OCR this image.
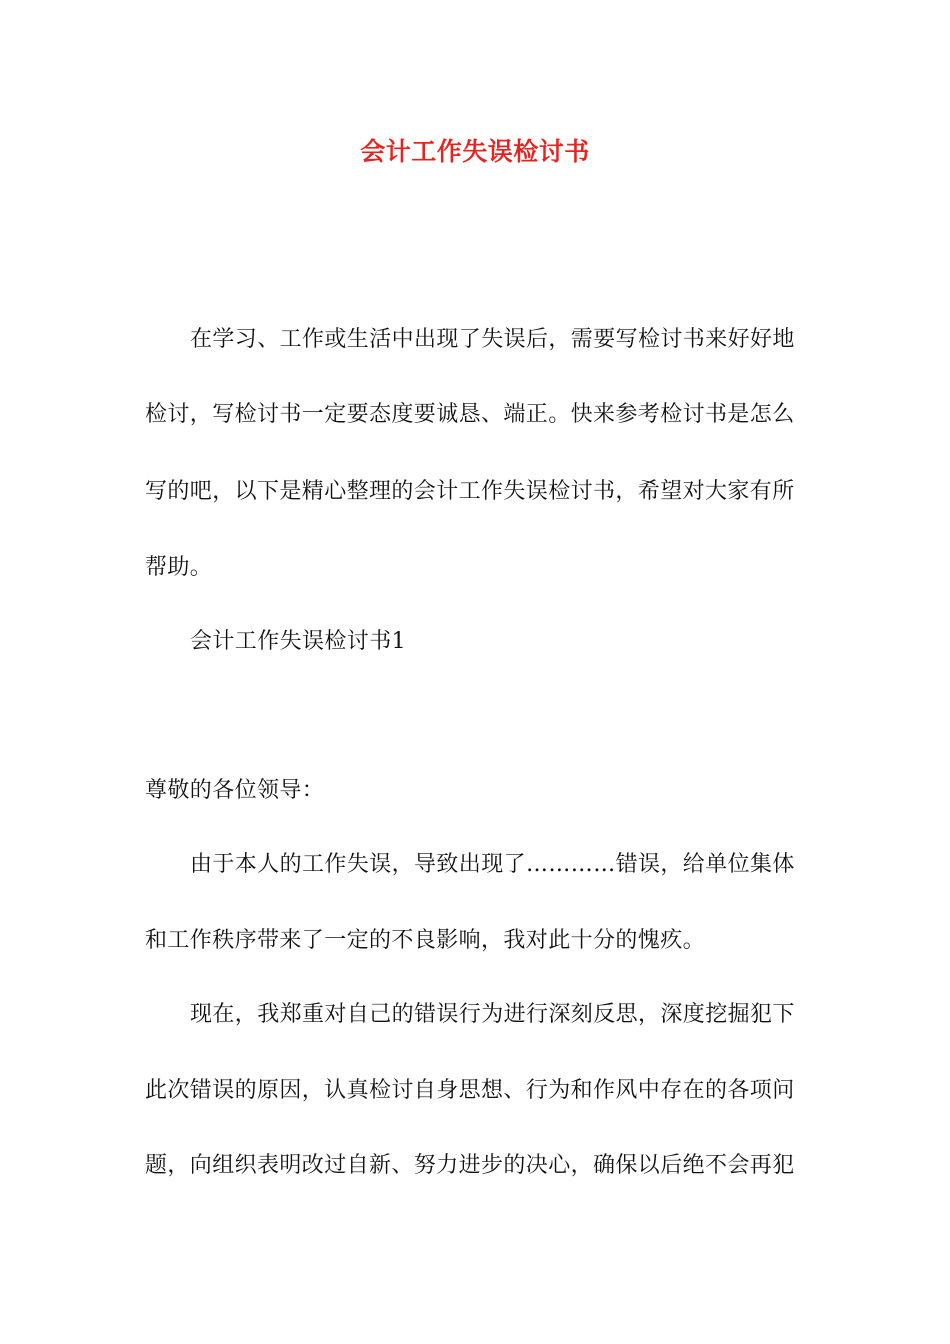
会计工作失误检讨书
在学习、工作或生活中出现了失误后，需要写检讨书来好好地
检讨，写检讨书一定要态度要诚恳、端正。快来参考检讨书是怎么
写的吧，以下是精心整理的会计工作失误检讨书，希望对大家有所
帮助。
会计工作失误检讨书1
尊敬的各位领导：
由于本人的工作失误，导致出现了…………错误，给单位集体
和工作秩序带来了一定的不良影响，我对此十分的愧疚。
现在，我郑重对自己的错误行为进行深刻反思，深度挖掘犯下
此次错误的原因，认真检讨自身思想、行为和作风中存在的各项问
题，向组织表明改过自新、努力进步的决心，确保以后绝不会再犯
